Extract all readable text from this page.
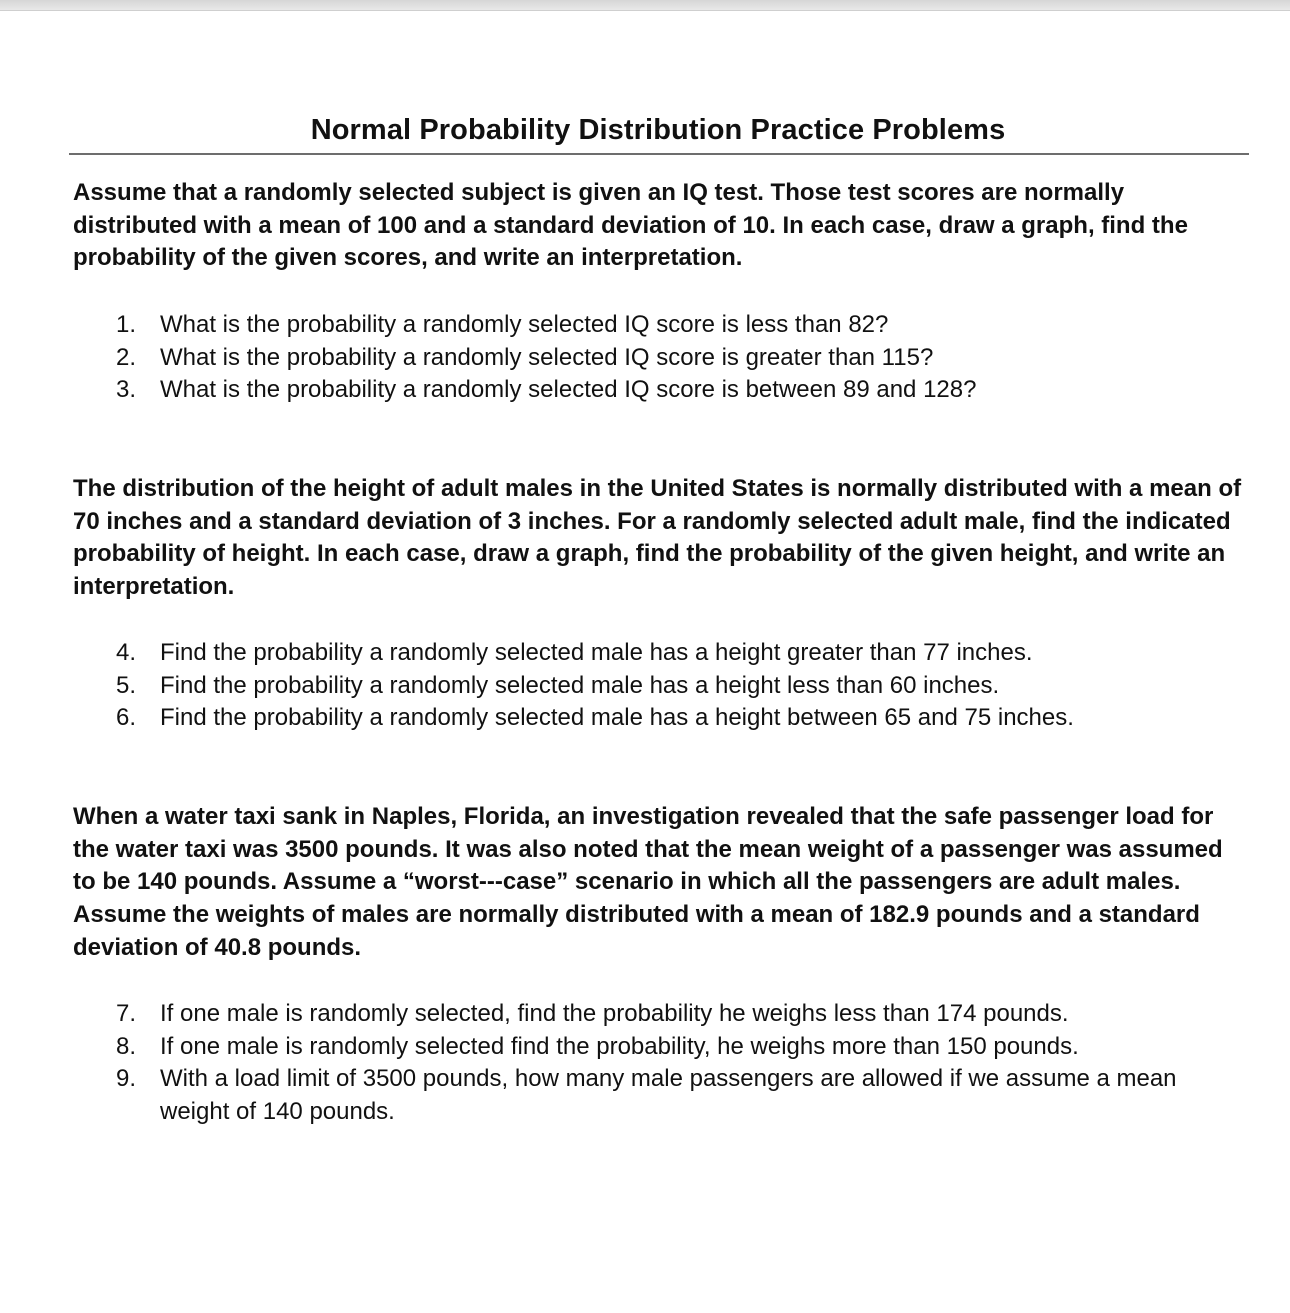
Normal Probability Distribution Practice Problems

Assume that a randomly selected subject is given an IQ test. Those test scores are normally distributed with a mean of 100 and a standard deviation of 10. In each case, draw a graph, find the probability of the given scores, and write an interpretation.

1. What is the probability a randomly selected IQ score is less than 82?
2. What is the probability a randomly selected IQ score is greater than 115?
3. What is the probability a randomly selected IQ score is between 89 and 128?

The distribution of the height of adult males in the United States is normally distributed with a mean of 70 inches and a standard deviation of 3 inches. For a randomly selected adult male, find the indicated probability of height. In each case, draw a graph, find the probability of the given height, and write an interpretation.

4. Find the probability a randomly selected male has a height greater than 77 inches.
5. Find the probability a randomly selected male has a height less than 60 inches.
6. Find the probability a randomly selected male has a height between 65 and 75 inches.

When a water taxi sank in Naples, Florida, an investigation revealed that the safe passenger load for the water taxi was 3500 pounds. It was also noted that the mean weight of a passenger was assumed to be 140 pounds. Assume a “worst---case” scenario in which all the passengers are adult males. Assume the weights of males are normally distributed with a mean of 182.9 pounds and a standard deviation of 40.8 pounds.

7. If one male is randomly selected, find the probability he weighs less than 174 pounds.
8. If one male is randomly selected find the probability, he weighs more than 150 pounds.
9. With a load limit of 3500 pounds, how many male passengers are allowed if we assume a mean weight of 140 pounds.
